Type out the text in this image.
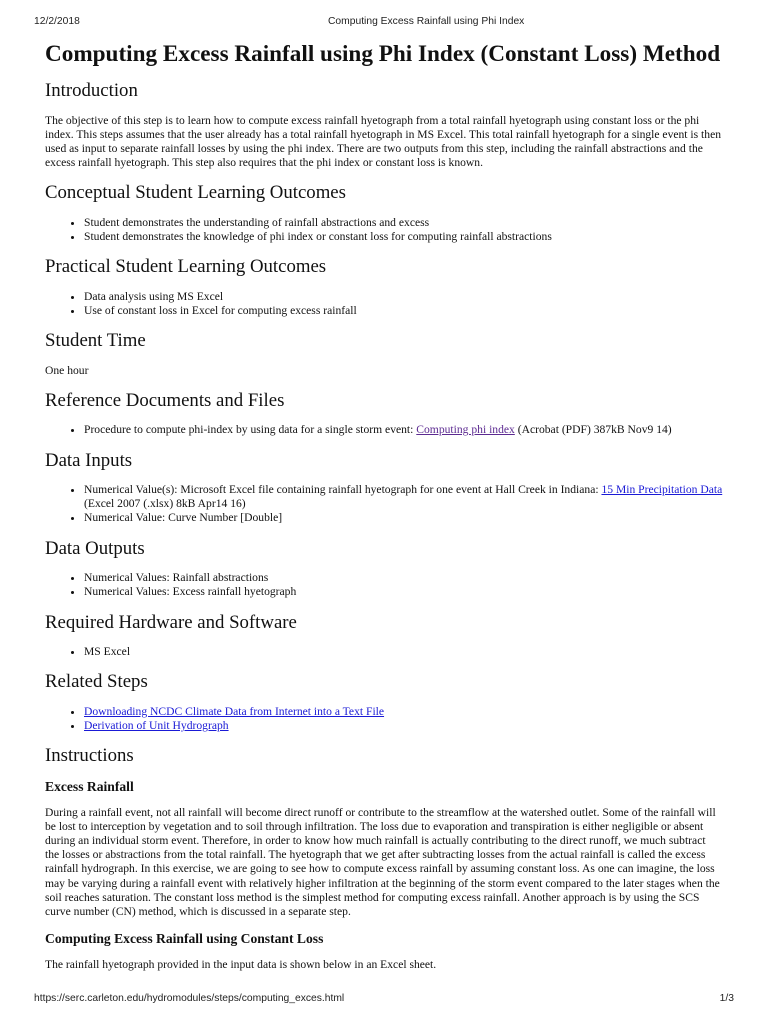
12/2/2018	Computing Excess Rainfall using Phi Index
Computing Excess Rainfall using Phi Index (Constant Loss) Method
Introduction
The objective of this step is to learn how to compute excess rainfall hyetograph from a total rainfall hyetograph using constant loss or the phi
index. This steps assumes that the user already has a total rainfall hyetograph in MS Excel. This total rainfall hyetograph for a single event is then
used as input to separate rainfall losses by using the phi index. There are two outputs from this step, including the rainfall abstractions and the
excess rainfall hyetograph. This step also requires that the phi index or constant loss is known.
Conceptual Student Learning Outcomes
• Student demonstrates the understanding of rainfall abstractions and excess
• Student demonstrates the knowledge of phi index or constant loss for computing rainfall abstractions
Practical Student Learning Outcomes
• Data analysis using MS Excel
• Use of constant loss in Excel for computing excess rainfall
Student Time
One hour
Reference Documents and Files
• Procedure to compute phi-index by using data for a single storm event: Computing phi index (Acrobat (PDF) 387kB Nov9 14)
Data Inputs
• Numerical Value(s): Microsoft Excel file containing rainfall hyetograph for one event at Hall Creek in Indiana: 15 Min Precipitation Data
(Excel 2007 (.xlsx) 8kB Apr14 16)
• Numerical Value: Curve Number [Double]
Data Outputs
• Numerical Values: Rainfall abstractions
• Numerical Values: Excess rainfall hyetograph
Required Hardware and Software
• MS Excel
Related Steps
• Downloading NCDC Climate Data from Internet into a Text File
• Derivation of Unit Hydrograph
Instructions
Excess Rainfall
During a rainfall event, not all rainfall will become direct runoff or contribute to the streamflow at the watershed outlet. Some of the rainfall will
be lost to interception by vegetation and to soil through infiltration. The loss due to evaporation and transpiration is either negligible or absent
during an individual storm event. Therefore, in order to know how much rainfall is actually contributing to the direct runoff, we much subtract
the losses or abstractions from the total rainfall. The hyetograph that we get after subtracting losses from the actual rainfall is called the excess
rainfall hydrograph. In this exercise, we are going to see how to compute excess rainfall by assuming constant loss. As one can imagine, the loss
may be varying during a rainfall event with relatively higher infiltration at the beginning of the storm event compared to the later stages when the
soil reaches saturation. The constant loss method is the simplest method for computing excess rainfall. Another approach is by using the SCS
curve number (CN) method, which is discussed in a separate step.
Computing Excess Rainfall using Constant Loss
The rainfall hyetograph provided in the input data is shown below in an Excel sheet.
https://serc.carleton.edu/hydromodules/steps/computing_exces.html	1/3
